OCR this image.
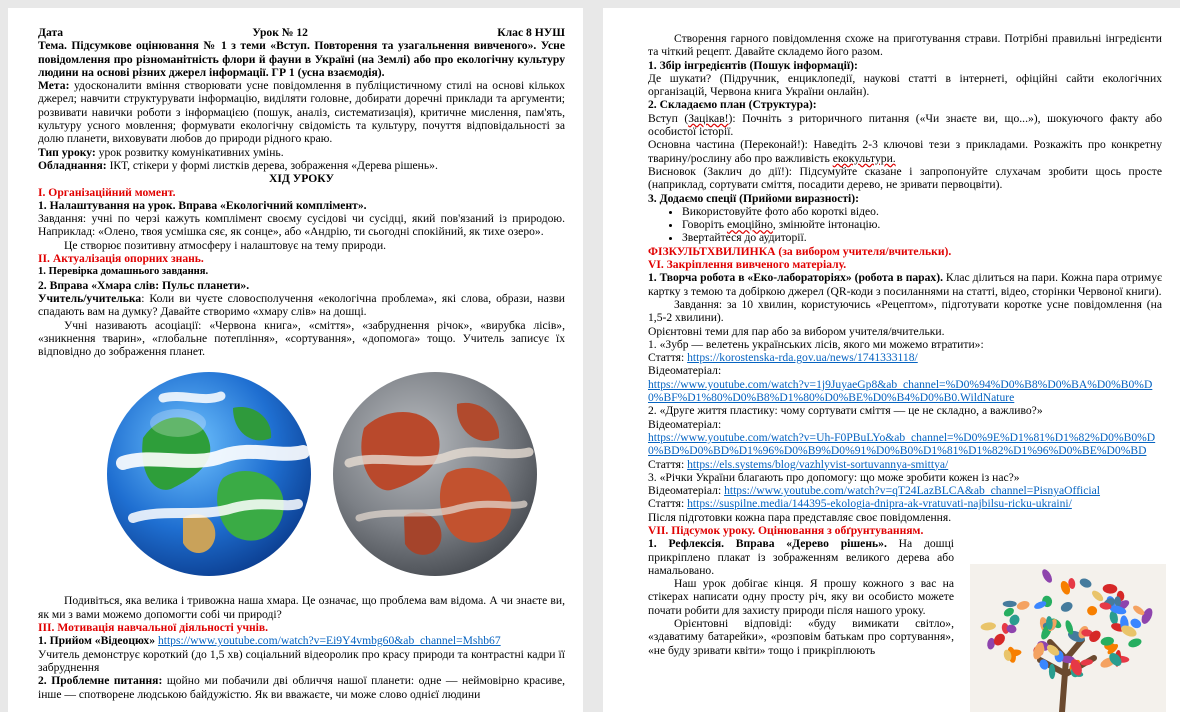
Дата	Урок № 12	Клас 8 НУШ

Тема. Підсумкове оцінювання № 1 з теми «Вступ. Повторення та узагальнення вивченого». Усне повідомлення про різноманітність флори й фауни в Україні (на Землі) або про екологічну культуру людини на основі різних джерел інформації. ГР 1 (усна взаємодія).

Мета: удосконалити вміння створювати усне повідомлення в публіцистичному стилі на основі кількох джерел; навчити структурувати інформацію, виділяти головне, добирати доречні приклади та аргументи; розвивати навички роботи з інформацією (пошук, аналіз, систематизація), критичне мислення, пам'ять, культуру усного мовлення; формувати екологічну свідомість та культуру, почуття відповідальності за долю планети, виховувати любов до природи рідного краю.

Тип уроку: урок розвитку комунікативних умінь.

Обладнання: ІКТ, стікери у формі листків дерева, зображення «Дерева рішень».

ХІД УРОКУ

I. Організаційний момент.

1. Налаштування на урок. Вправа «Екологічний комплімент».

Завдання: учні по черзі кажуть комплімент своєму сусідові чи сусідці, який пов'язаний із природою. Наприклад: «Олено, твоя усмішка сяє, як сонце», або «Андрію, ти сьогодні спокійний, як тихе озеро».

Це створює позитивну атмосферу і налаштовує на тему природи.

II. Актуалізація опорних знань.

1. Перевірка домашнього завдання.

2. Вправа «Хмара слів: Пульс планети».

Учитель/учителька: Коли ви чуєте словосполучення «екологічна проблема», які слова, образи, назви спадають вам на думку? Давайте створимо «хмару слів» на дошці.

Учні називають асоціації: «Червона книга», «сміття», «забруднення річок», «вирубка лісів», «зникнення тварин», «глобальне потепління», «сортування», «допомога» тощо. Учитель записує їх відповідно до зображення планет.

Подивіться, яка велика і тривожна наша хмара. Це означає, що проблема вам відома. А чи знаєте ви, як ми з вами можемо допомогти собі чи природі?

III. Мотивація навчальної діяльності учнів.

1. Прийом «Відеоцюх» https://www.youtube.com/watch?v=Ei9Y4vmbg60&ab_channel=Mshb67

Учитель демонструє короткий (до 1,5 хв) соціальний відеоролик про красу природи та контрастні кадри її забруднення

2. Проблемне питання: щойно ми побачили дві обличчя нашої планети: одне — неймовірно красиве, інше — спотворене людською байдужістю. Як ви вважаєте, чи може слово однієї людини

Створення гарного повідомлення схоже на приготування страви. Потрібні правильні інгредієнти та чіткий рецепт. Давайте складемо його разом.

1. Збір інгредієнтів (Пошук інформації):

Де шукати? (Підручник, енциклопедії, наукові статті в інтернеті, офіційні сайти екологічних організацій, Червона книга України онлайн).

2. Складаємо план (Структура):

Вступ (Зацікав!): Почніть з риторичного питання («Чи знаєте ви, що...»), шокуючого факту або особистої історії.

Основна частина (Переконай!): Наведіть 2-3 ключові тези з прикладами. Розкажіть про конкретну тварину/рослину або про важливість екокультури.

Висновок (Заклич до дії!): Підсумуйте сказане і запропонуйте слухачам зробити щось просте (наприклад, сортувати сміття, посадити дерево, не зривати первоцвіти).

3. Додаємо спеції (Прийоми виразності):

• Використовуйте фото або короткі відео.
• Говоріть емоційно, змінюйте інтонацію.
• Звертайтеся до аудиторії.

ФІЗКУЛЬТХВИЛИНКА (за вибором учителя/вчительки).

VI. Закріплення вивченого матеріалу.

1. Творча робота в «Еко-лабораторіях» (робота в парах). Клас ділиться на пари. Кожна пара отримує картку з темою та добіркою джерел (QR-коди з посиланнями на статті, відео, сторінки Червоної книги).

Завдання: за 10 хвилин, користуючись «Рецептом», підготувати коротке усне повідомлення (на 1,5-2 хвилини).

Орієнтовні теми для пар або за вибором учителя/вчительки.

1. «Зубр — велетень українських лісів, якого ми можемо втратити»:

Стаття: https://korostenska-rda.gov.ua/news/1741333118/

Відеоматеріал:

https://www.youtube.com/watch?v=1j9JuyaeGp8&ab_channel=%D0%94%D0%B8%D0%BA%D0%B0%D0%BF%D1%80%D0%B8%D1%80%D0%BE%D0%B4%D0%B0.WildNature

2. «Друге життя пластику: чому сортувати сміття — це не складно, а важливо?»

Відеоматеріал:

https://www.youtube.com/watch?v=Uh-F0PBuLYo&ab_channel=%D0%9E%D1%81%D1%82%D0%B0%D0%BD%D0%BD%D1%96%D0%B9%D0%91%D0%B0%D1%81%D1%82%D1%96%D0%BE%D0%BD

Стаття: https://els.systems/blog/vazhlyvist-sortuvannya-smittya/

3. «Річки України благають про допомогу: що може зробити кожен із нас?»

Відеоматеріал: https://www.youtube.com/watch?v=qT24LazBLCA&ab_channel=PisnyaOfficial

Стаття: https://suspilne.media/144395-ekologia-dnipra-ak-vratuvati-najbilsu-ricku-ukraini/

Після підготовки кожна пара представляє своє повідомлення.

VII. Підсумок уроку. Оцінювання з обґрунтуванням.

1. Рефлексія. Вправа «Дерево рішень». На дошці прикріплено плакат із зображенням великого дерева або намальовано.

Наш урок добігає кінця. Я прошу кожного з вас на стікерах написати одну просту річ, яку ви особисто можете почати робити для захисту природи після нашого уроку.

Орієнтовні відповіді: «буду вимикати світло», «здаватиму батарейки», «розповім батькам про сортування», «не буду зривати квіти» тощо і прикріплюють
